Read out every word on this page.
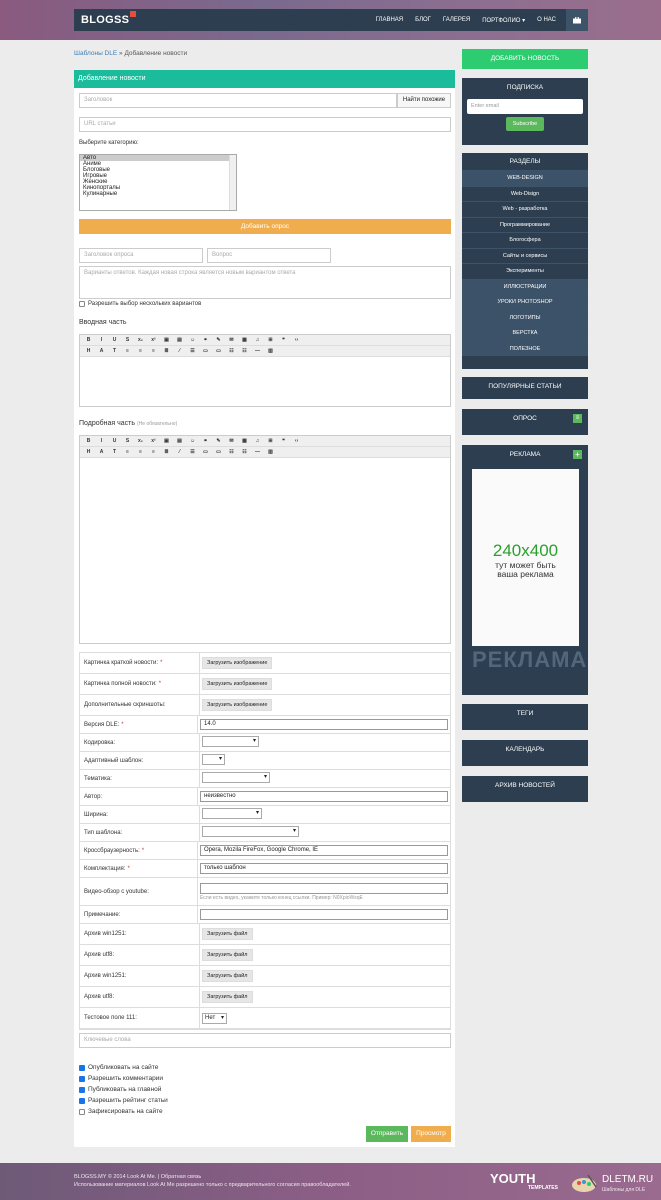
BLOGSS	ГЛАВНАЯ БЛОГ ГАЛЕРЕЯ ПОРТФОЛИО ▾ О НАС
Шаблоны DLE » Добавление новости
Добавление новости
Заголовок	Найти похожие
URL статьи
Выберите категорию:
Авто
Аниме
Блоговые
Игровые
Женские
Кинопорталы
Кулинарные
Добавить опрос
Заголовок опроса	Вопрос
Варианты ответов. Каждая новая строка является новым вариантом ответа
Разрешить выбор нескольких вариантов
Вводная часть
B	I	U	S	x₂	x²	▣	▤	☺	⚭	✎	✉	▦	♫	⊞	❝	‹›
H	A	T	≡	≡	≡	≣	⁄	☰	▭	▭	☷	☷	—	▥
Подробная часть (Не обязательно)
B	I	U	S	x₂	x²	▣	▤	☺	⚭	✎	✉	▦	♫	⊞	❝	‹›
H	A	T	≡	≡	≡	≣	⁄	☰	▭	▭	☷	☷	—	▥
Картинка краткой новости: *	Загрузить изображение
Картинка полной новости: *	Загрузить изображение
Дополнительные скриншоты:	Загрузить изображение
Версия DLE: *	14.0
Кодировка:
▾
Адаптивный шаблон:
▾
Тематика:
▾
Автор:	неизвестно
Ширина:
▾
Тип шаблона:
▾
Кроссбраузерность: *	Opera, Mozila FireFox, Google Chrome, IE
Комплектация: *	только шаблон
Видео-обзор с youtube:
Если есть видео, укажите только конец ссылки. Пример: N0XpioWsqE
Примечание:
Архив win1251:	Загрузить файл
Архив utf8:	Загрузить файл
Архив win1251:	Загрузить файл
Архив utf8:	Загрузить файл
Тестовое поле 111:	Нет ▾
Ключевые слова
Опубликовать на сайте
Разрешить комментарии
Публиковать на главной
Разрешить рейтинг статьи
Зафиксировать на сайте
Отправить	Просмотр
ДОБАВИТЬ НОВОСТЬ
ПОДПИСКА
Enter email
Subscribe
РАЗДЕЛЫ
WEB-DESIGN
Web-Disign
Web - разработка
Программирование
Блогосфера
Сайты и сервисы
Эксперименты
ИЛЛЮСТРАЦИИ
УРОКИ PHOTOSHOP
ЛОГОТИПЫ
ВЕРСТКА
ПОЛЕЗНОЕ
ПОПУЛЯРНЫЕ СТАТЬИ
ОПРОС	≡
РЕКЛАМА	+
240x400
тут может быть
ваша реклама
РЕКЛАМА
ТЕГИ
КАЛЕНДАРЬ
АРХИВ НОВОСТЕЙ
BLOGSS.MY © 2014 Look At Me. | Обратная связь
Использование материалов Look At Me разрешено только с предварительного согласия правообладателей.	YOUTH
TEMPLATES
DLETM.RU
Шаблоны для DLE
